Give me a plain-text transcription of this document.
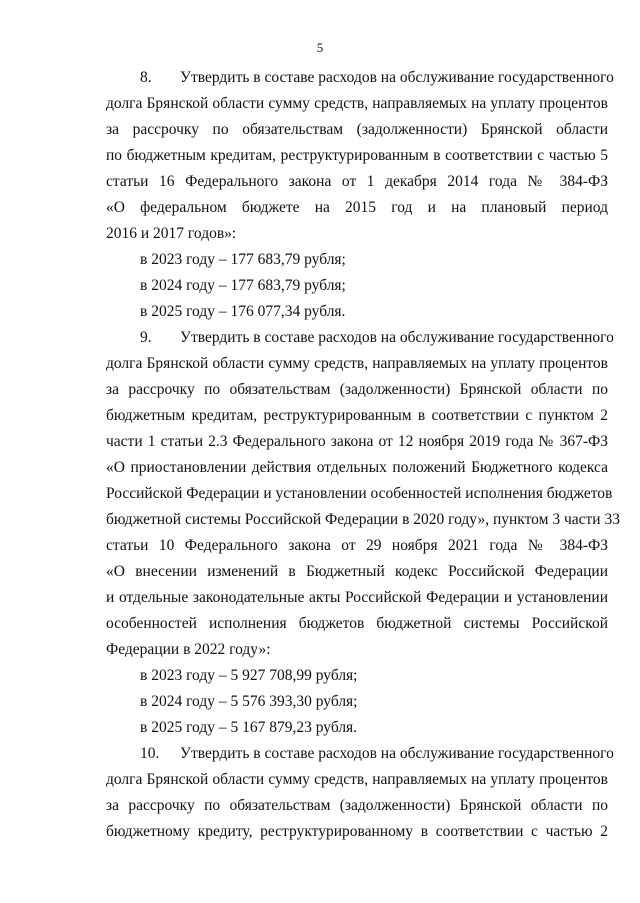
5
8. Утвердить в составе расходов на обслуживание государственного
долга Брянской области сумму средств, направляемых на уплату процентов
за рассрочку по обязательствам (задолженности) Брянской области
по бюджетным кредитам, реструктурированным в соответствии с частью 5
статьи 16 Федерального закона от 1 декабря 2014 года № 384-ФЗ
«О федеральном бюджете на 2015 год и на плановый период
2016 и 2017 годов»:
в 2023 году – 177 683,79 рубля;
в 2024 году – 177 683,79 рубля;
в 2025 году – 176 077,34 рубля.
9. Утвердить в составе расходов на обслуживание государственного
долга Брянской области сумму средств, направляемых на уплату процентов
за рассрочку по обязательствам (задолженности) Брянской области по
бюджетным кредитам, реструктурированным в соответствии с пунктом 2
части 1 статьи 2.3 Федерального закона от 12 ноября 2019 года № 367-ФЗ
«О приостановлении действия отдельных положений Бюджетного кодекса
Российской Федерации и установлении особенностей исполнения бюджетов
бюджетной системы Российской Федерации в 2020 году», пунктом 3 части 33
статьи 10 Федерального закона от 29 ноября 2021 года № 384-ФЗ
«О внесении изменений в Бюджетный кодекс Российской Федерации
и отдельные законодательные акты Российской Федерации и установлении
особенностей исполнения бюджетов бюджетной системы Российской
Федерации в 2022 году»:
в 2023 году – 5 927 708,99 рубля;
в 2024 году – 5 576 393,30 рубля;
в 2025 году – 5 167 879,23 рубля.
10. Утвердить в составе расходов на обслуживание государственного
долга Брянской области сумму средств, направляемых на уплату процентов
за рассрочку по обязательствам (задолженности) Брянской области по
бюджетному кредиту, реструктурированному в соответствии с частью 2
